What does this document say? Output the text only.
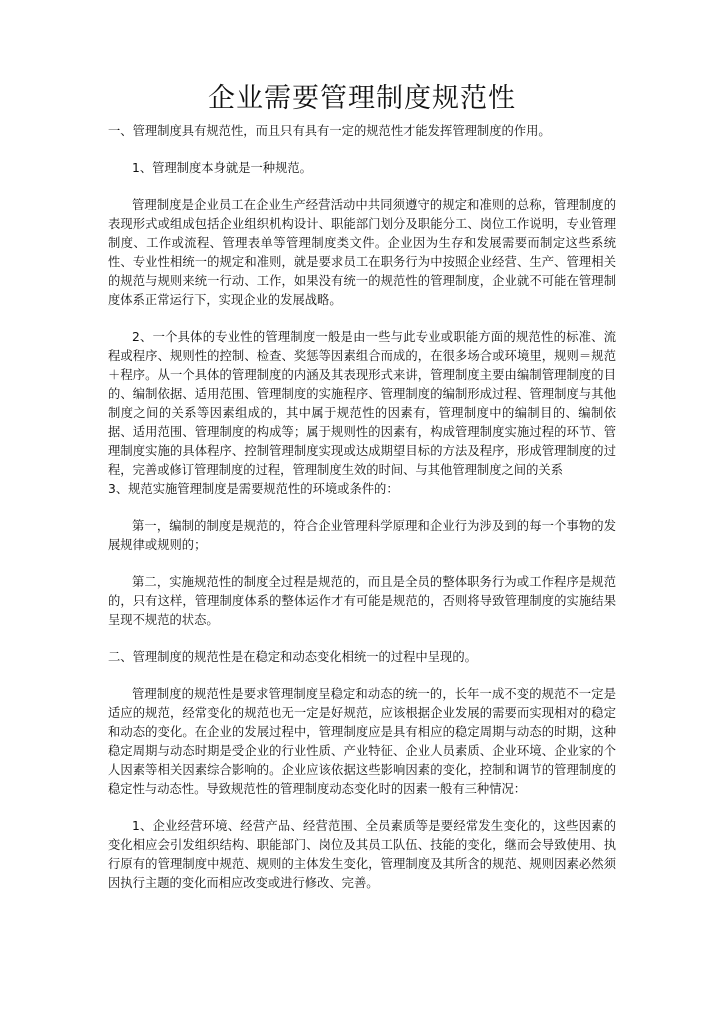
企业需要管理制度规范性

一、管理制度具有规范性，而且只有具有一定的规范性才能发挥管理制度的作用。

1、管理制度本身就是一种规范。

管理制度是企业员工在企业生产经营活动中共同须遵守的规定和准则的总称，管理制度的表现形式或组成包括企业组织机构设计、职能部门划分及职能分工、岗位工作说明，专业管理制度、工作或流程、管理表单等管理制度类文件。企业因为生存和发展需要而制定这些系统性、专业性相统一的规定和准则，就是要求员工在职务行为中按照企业经营、生产、管理相关的规范与规则来统一行动、工作，如果没有统一的规范性的管理制度，企业就不可能在管理制度体系正常运行下，实现企业的发展战略。

2、一个具体的专业性的管理制度一般是由一些与此专业或职能方面的规范性的标准、流程或程序、规则性的控制、检查、奖惩等因素组合而成的，在很多场合或环境里，规则＝规范＋程序。从一个具体的管理制度的内涵及其表现形式来讲，管理制度主要由编制管理制度的目的、编制依据、适用范围、管理制度的实施程序、管理制度的编制形成过程、管理制度与其他制度之间的关系等因素组成的，其中属于规范性的因素有，管理制度中的编制目的、编制依据、适用范围、管理制度的构成等；属于规则性的因素有，构成管理制度实施过程的环节、管理制度实施的具体程序、控制管理制度实现或达成期望目标的方法及程序，形成管理制度的过程，完善或修订管理制度的过程，管理制度生效的时间、与其他管理制度之间的关系

3、规范实施管理制度是需要规范性的环境或条件的：

第一，编制的制度是规范的，符合企业管理科学原理和企业行为涉及到的每一个事物的发展规律或规则的；

第二，实施规范性的制度全过程是规范的，而且是全员的整体职务行为或工作程序是规范的，只有这样，管理制度体系的整体运作才有可能是规范的，否则将导致管理制度的实施结果呈现不规范的状态。

二、管理制度的规范性是在稳定和动态变化相统一的过程中呈现的。

管理制度的规范性是要求管理制度呈稳定和动态的统一的，长年一成不变的规范不一定是适应的规范，经常变化的规范也无一定是好规范，应该根据企业发展的需要而实现相对的稳定和动态的变化。在企业的发展过程中，管理制度应是具有相应的稳定周期与动态的时期，这种稳定周期与动态时期是受企业的行业性质、产业特征、企业人员素质、企业环境、企业家的个人因素等相关因素综合影响的。企业应该依据这些影响因素的变化，控制和调节的管理制度的稳定性与动态性。导致规范性的管理制度动态变化时的因素一般有三种情况：

1、企业经营环境、经营产品、经营范围、全员素质等是要经常发生变化的，这些因素的变化相应会引发组织结构、职能部门、岗位及其员工队伍、技能的变化，继而会导致使用、执行原有的管理制度中规范、规则的主体发生变化，管理制度及其所含的规范、规则因素必然须因执行主题的变化而相应改变或进行修改、完善。
